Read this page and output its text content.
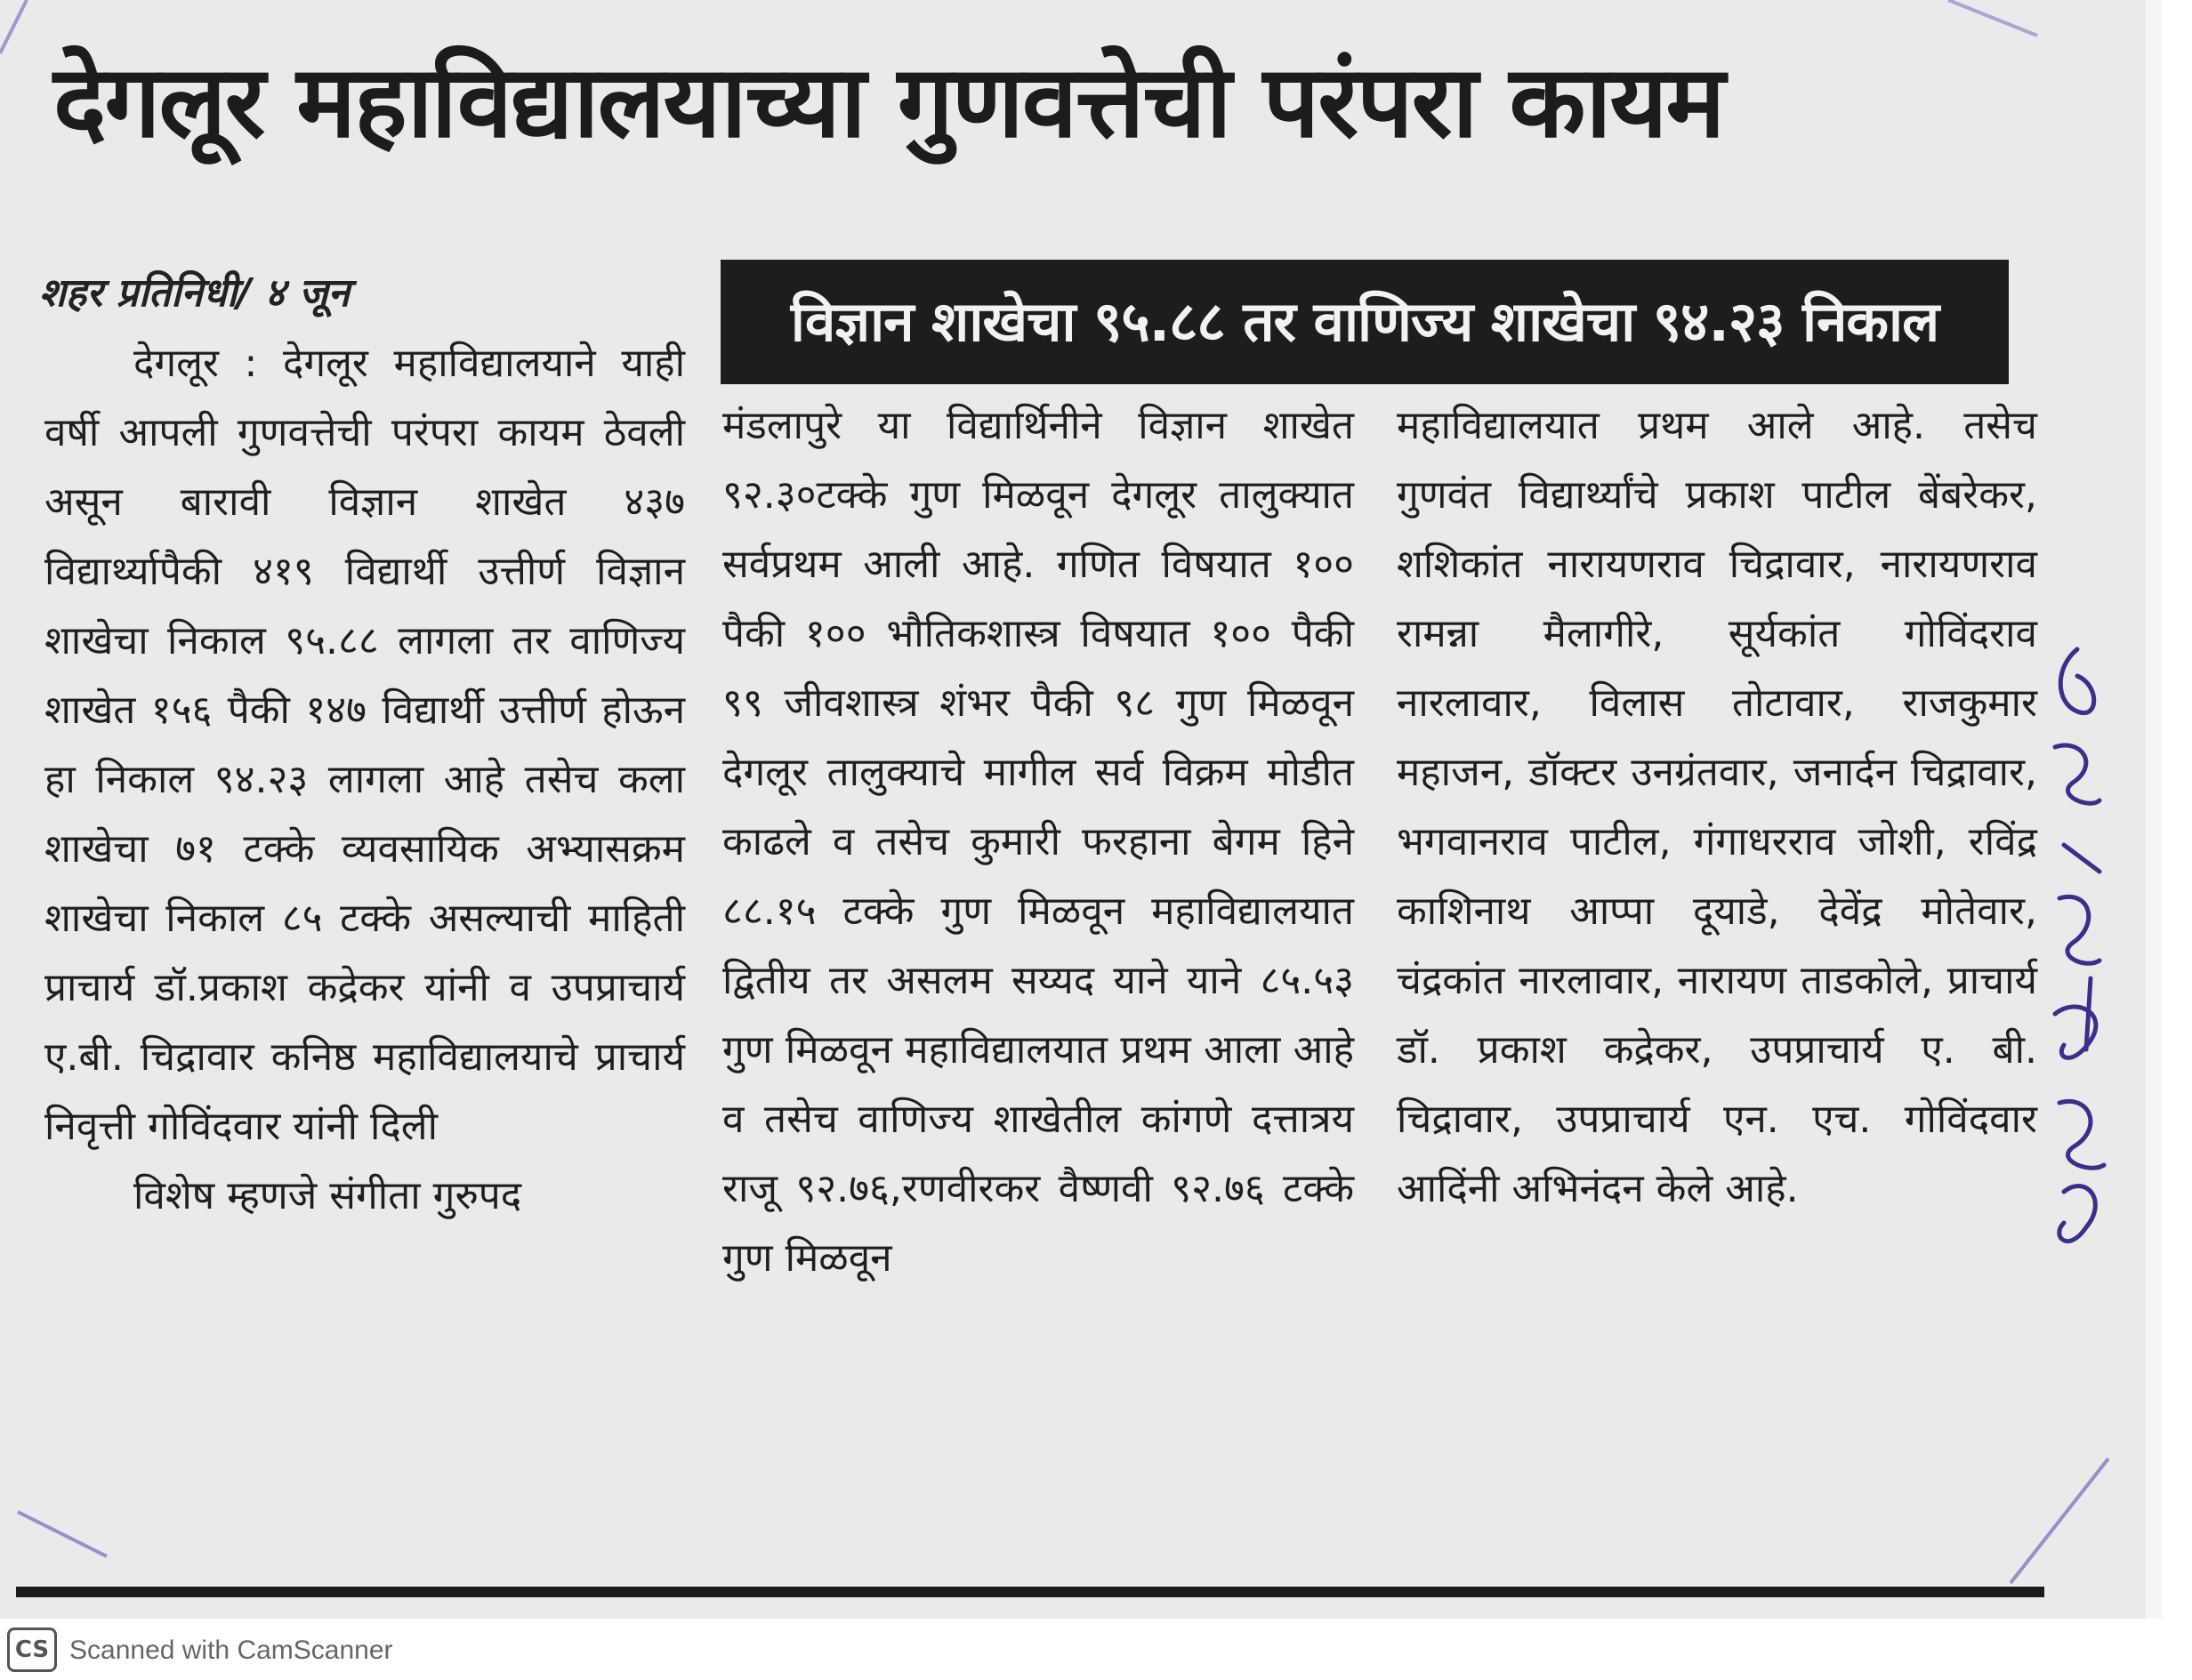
देगलूर महाविद्यालयाच्या गुणवत्तेची परंपरा कायम
शहर प्रतिनिधी/ ४ जून	विज्ञान शाखेचा ९५.८८ तर वाणिज्य शाखेचा ९४.२३ निकाल

देगलूर : देगलूर महाविद्यालयाने याही वर्षी आपली गुणवत्तेची परंपरा कायम ठेवली असून बारावी विज्ञान शाखेत ४३७ विद्यार्थ्यापैकी ४१९ विद्यार्थी उत्तीर्ण विज्ञान शाखेचा निकाल ९५.८८ लागला तर वाणिज्य शाखेत १५६ पैकी १४७ विद्यार्थी उत्तीर्ण होऊन हा निकाल ९४.२३ लागला आहे तसेच कला शाखेचा ७१ टक्के व्यवसायिक अभ्यासक्रम शाखेचा निकाल ८५ टक्के असल्याची माहिती प्राचार्य डॉ.प्रकाश कद्रेकर यांनी व उपप्राचार्य ए.बी. चिद्रावार कनिष्ठ महाविद्यालयाचे प्राचार्य निवृत्ती गोविंदवार यांनी दिली

विशेष म्हणजे संगीता गुरुपद

मंडलापुरे या विद्यार्थिनीने विज्ञान शाखेत ९२.३०टक्के गुण मिळवून देगलूर तालुक्यात सर्वप्रथम आली आहे. गणित विषयात १०० पैकी १०० भौतिकशास्त्र विषयात १०० पैकी ९९ जीवशास्त्र शंभर पैकी ९८ गुण मिळवून देगलूर तालुक्याचे मागील सर्व विक्रम मोडीत काढले व तसेच कुमारी फरहाना बेगम हिने ८८.१५ टक्के गुण मिळवून महाविद्यालयात द्वितीय तर असलम सय्यद याने याने ८५.५३ गुण मिळवून महाविद्यालयात प्रथम आला आहे व तसेच वाणिज्य शाखेतील कांगणे दत्तात्रय राजू ९२.७६,रणवीरकर वैष्णवी ९२.७६ टक्के गुण मिळवून

महाविद्यालयात प्रथम आले आहे. तसेच गुणवंत विद्यार्थ्यांचे प्रकाश पाटील बेंबरेकर, शशिकांत नारायणराव चिद्रावार, नारायणराव रामन्ना मैलागीरे, सूर्यकांत गोविंदराव नारलावार, विलास तोटावार, राजकुमार महाजन, डॉक्टर उनग्रंतवार, जनार्दन चिद्रावार, भगवानराव पाटील, गंगाधरराव जोशी, रविंद्र काशिनाथ आप्पा दूयाडे, देवेंद्र मोतेवार, चंद्रकांत नारलावार, नारायण ताडकोले, प्राचार्य डॉ. प्रकाश कद्रेकर, उपप्राचार्य ए. बी. चिद्रावार, उपप्राचार्य एन. एच. गोविंदवार आदिंनी अभिनंदन केले आहे.

CS Scanned with CamScanner
